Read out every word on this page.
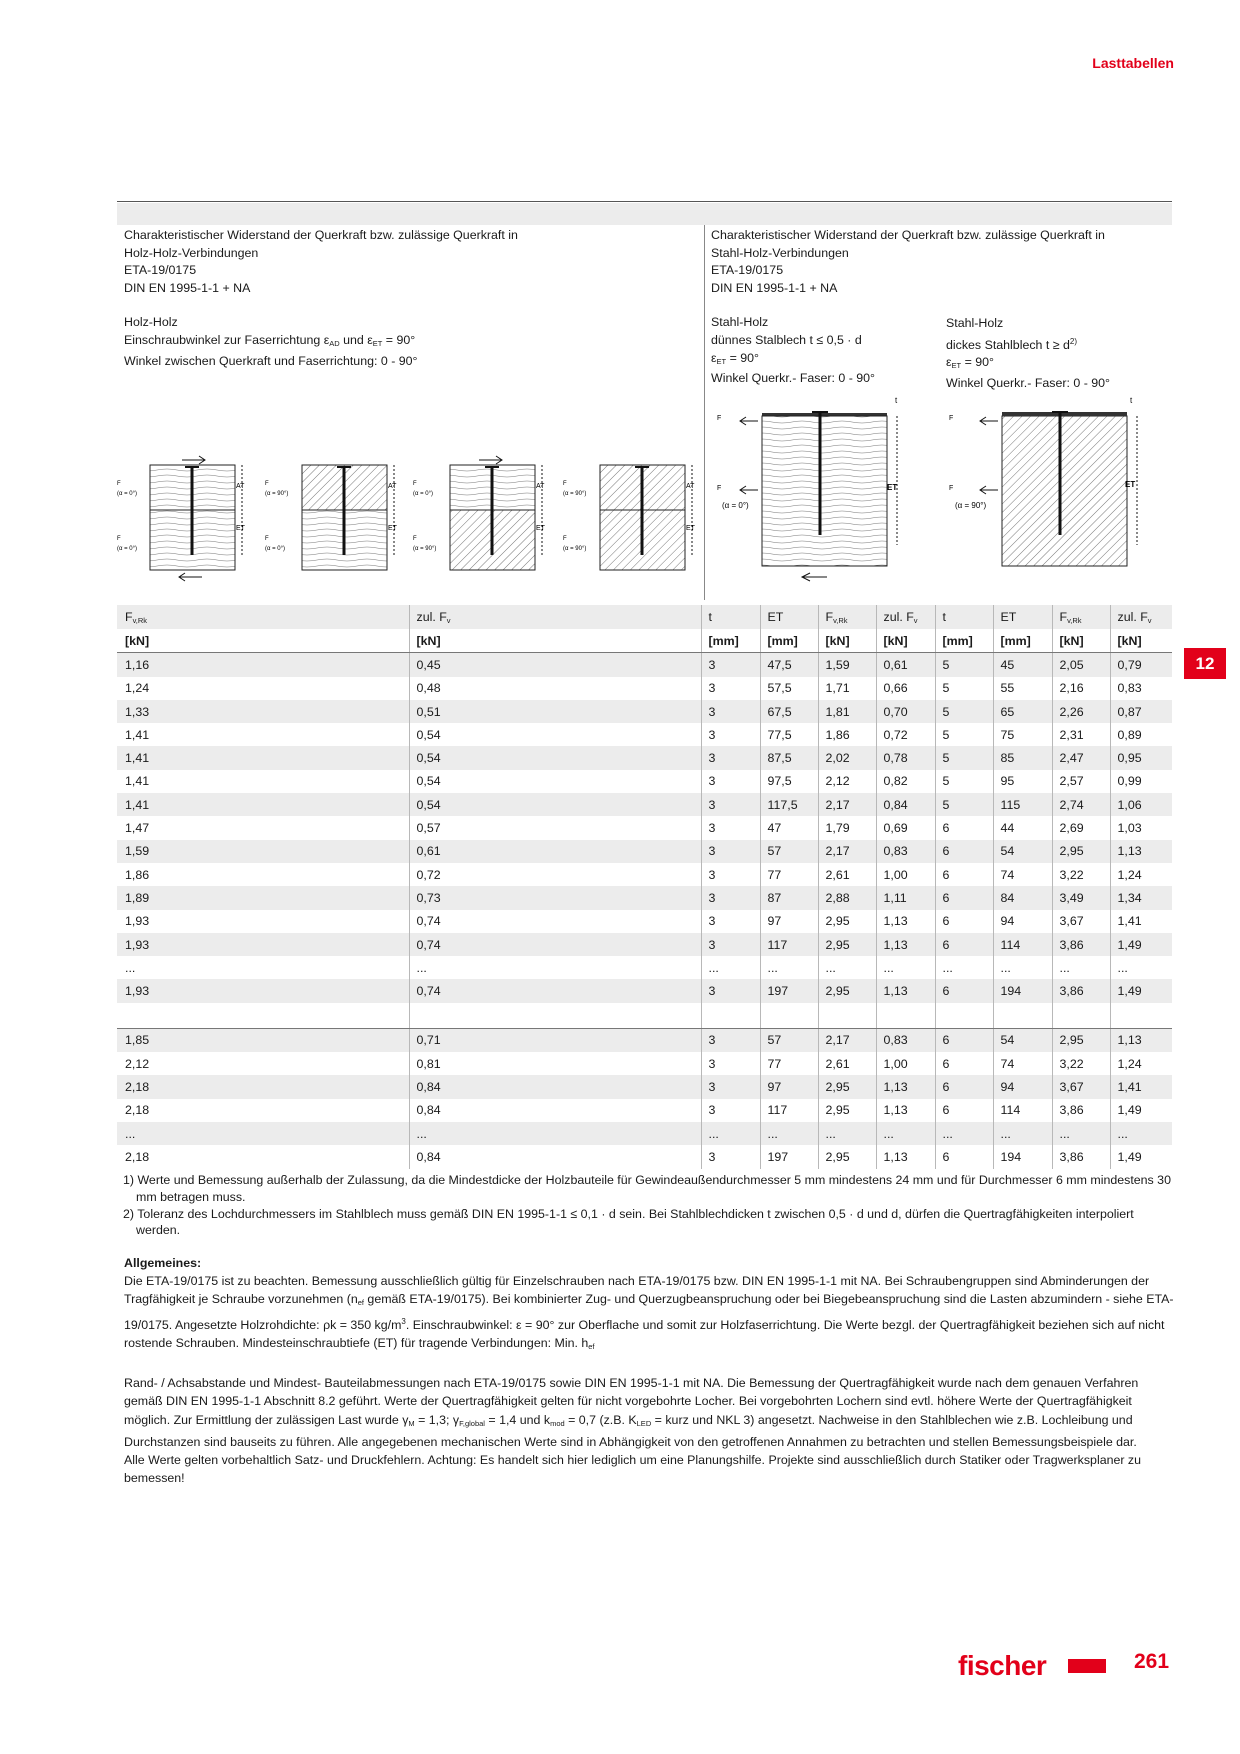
Lasttabellen
12
Charakteristischer Widerstand der Querkraft bzw. zulässige Querkraft in
Holz-Holz-Verbindungen
ETA-19/0175
DIN EN 1995-1-1 + NA
Holz-Holz
Einschraubwinkel zur Faserrichtung $\varepsilon_{AD}$ und $\varepsilon_{ET} = 90^\circ$
Winkel zwischen Querkraft und Faserrichtung: 0 - 90°
Charakteristischer Widerstand der Querkraft bzw. zulässige Querkraft in
Stahl-Holz-Verbindungen
ETA-19/0175
DIN EN 1995-1-1 + NA
Stahl-Holz
dünnes Stalblech t ≤ 0,5 · d
$\varepsilon_{ET} = 90^\circ$
Winkel Querkr.- Faser: 0 - 90°
Stahl-Holz
dickes Stahlblech $t \ge d^{2)}$
$\varepsilon_{ET} = 90^\circ$
Winkel Querkr.- Faser: 0 - 90°
AT
ET
F
(α = 0°)
F
(α = 0°)
AT
ET
F
(α = 90°)
F
(α = 0°)
AT
ET
F
(α = 0°)
F
(α = 90°)
AT
ET
F
(α = 90°)
F
(α = 90°)
ET
t
F
F
(α = 0°)
ET
t
F
F
(α = 90°)
$F_{v,Rk}$	zul. $F_v$	t	ET	$F_{v,Rk}$	zul. $F_v$	t	ET	$F_{v,Rk}$	zul. $F_v$
[kN]	[kN]	[mm]	[mm]	[kN]	[kN]	[mm]	[mm]	[kN]	[kN]
1,16	0,45	3	47,5	1,59	0,61	5	45	2,05	0,79
1,24	0,48	3	57,5	1,71	0,66	5	55	2,16	0,83
1,33	0,51	3	67,5	1,81	0,70	5	65	2,26	0,87
1,41	0,54	3	77,5	1,86	0,72	5	75	2,31	0,89
1,41	0,54	3	87,5	2,02	0,78	5	85	2,47	0,95
1,41	0,54	3	97,5	2,12	0,82	5	95	2,57	0,99
1,41	0,54	3	117,5	2,17	0,84	5	115	2,74	1,06
1,47	0,57	3	47	1,79	0,69	6	44	2,69	1,03
1,59	0,61	3	57	2,17	0,83	6	54	2,95	1,13
1,86	0,72	3	77	2,61	1,00	6	74	3,22	1,24
1,89	0,73	3	87	2,88	1,11	6	84	3,49	1,34
1,93	0,74	3	97	2,95	1,13	6	94	3,67	1,41
1,93	0,74	3	117	2,95	1,13	6	114	3,86	1,49
...	...	...	...	...	...	...	...	...	...
1,93	0,74	3	197	2,95	1,13	6	194	3,86	1,49

1,85	0,71	3	57	2,17	0,83	6	54	2,95	1,13
2,12	0,81	3	77	2,61	1,00	6	74	3,22	1,24
2,18	0,84	3	97	2,95	1,13	6	94	3,67	1,41
2,18	0,84	3	117	2,95	1,13	6	114	3,86	1,49
...	...	...	...	...	...	...	...	...	...
2,18	0,84	3	197	2,95	1,13	6	194	3,86	1,49
1) Werte und Bemessung außerhalb der Zulassung, da die Mindestdicke der Holzbauteile für Gewindeaußendurchmesser 5 mm mindestens 24 mm und für Durchmesser 6 mm mindestens 30 mm betragen muss.
2) Toleranz des Lochdurchmessers im Stahlblech muss gemäß DIN EN 1995-1-1 ≤ 0,1 · d sein. Bei Stahlblechdicken t zwischen 0,5 · d und d, dürfen die Quertragfähigkeiten interpoliert werden.
Allgemeines:
Die ETA-19/0175 ist zu beachten. Bemessung ausschließlich gültig für Einzelschrauben nach ETA-19/0175 bzw. DIN EN 1995-1-1 mit NA. Bei Schraubengruppen sind Abminderungen der Tragfähigkeit je Schraube vorzunehmen ($n_{ef}$ gemäß ETA-19/0175). Bei kombinierter Zug- und Querzugbeanspruchung oder bei Biegebeanspruchung sind die Lasten abzumindern - siehe ETA-19/0175. Angesetzte Holzrohdichte: ρk = 350 $kg/m^3$. Einschraubwinkel: ε = 90° zur Oberflache und somit zur Holzfaserrichtung. Die Werte bezgl. der Quertragfähigkeit beziehen sich auf nicht rostende Schrauben. Mindesteinschraubtiefe (ET) für tragende Verbindungen: Min. $h_{ef}$
Rand- / Achsabstande und Mindest- Bauteilabmessungen nach ETA-19/0175 sowie DIN EN 1995-1-1 mit NA. Die Bemessung der Quertragfähigkeit wurde nach dem genauen Verfahren gemäß DIN EN 1995-1-1 Abschnitt 8.2 geführt. Werte der Quertragfähigkeit gelten für nicht vorgebohrte Locher. Bei vorgebohrten Lochern sind evtl. höhere Werte der Quertragfähigkeit möglich. Zur Ermittlung der zulässigen Last wurde $\gamma_M = 1,3$; $\gamma_{F,global} = 1,4$ und $k_{mod} = 0,7$ (z.B. $K_{LED}$ = kurz und NKL 3) angesetzt. Nachweise in den Stahlblechen wie z.B. Lochleibung und Durchstanzen sind bauseits zu führen. Alle angegebenen mechanischen Werte sind in Abhängigkeit von den getroffenen Annahmen zu betrachten und stellen Bemessungsbeispiele dar.
Alle Werte gelten vorbehaltlich Satz- und Druckfehlern. Achtung: Es handelt sich hier lediglich um eine Planungshilfe. Projekte sind ausschließlich durch Statiker oder Tragwerksplaner zu bemessen!
fischer	261
